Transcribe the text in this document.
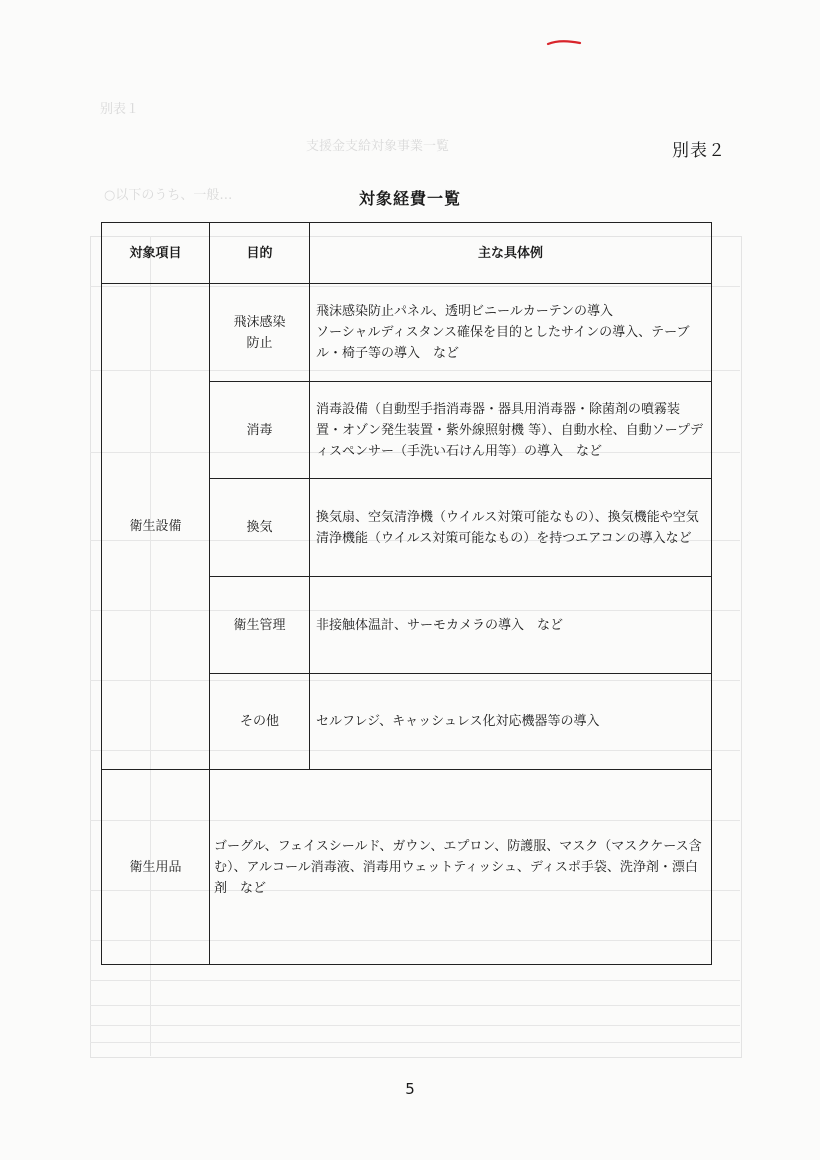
别表１
支援金支給対象事業一覧
○以下のうち、一般…
別表２
対象経費一覧
対象項目	目的	主な具体例
衛生設備	飛沫感染防止	飛沫感染防止パネル、透明ビニールカーテンの導入
ソーシャルディスタンス確保を目的としたサインの導入、テーブル・椅子等の導入　など
	消毒	消毒設備（自動型手指消毒器・器具用消毒器・除菌剤の噴霧装置・オゾン発生装置・紫外線照射機 等）、自動水栓、自動ソープディスペンサー（手洗い石けん用等）の導入　など
	換気	換気扇、空気清浄機（ウイルス対策可能なもの）、換気機能や空気清浄機能（ウイルス対策可能なもの）を持つエアコンの導入など
	衛生管理	非接触体温計、サーモカメラの導入　など
	その他	セルフレジ、キャッシュレス化対応機器等の導入
衛生用品	ゴーグル、フェイスシールド、ガウン、エプロン、防護服、マスク（マスクケース含む）、アルコール消毒液、消毒用ウェットティッシュ、ディスポ手袋、洗浄剤・漂白剤　など	
5
